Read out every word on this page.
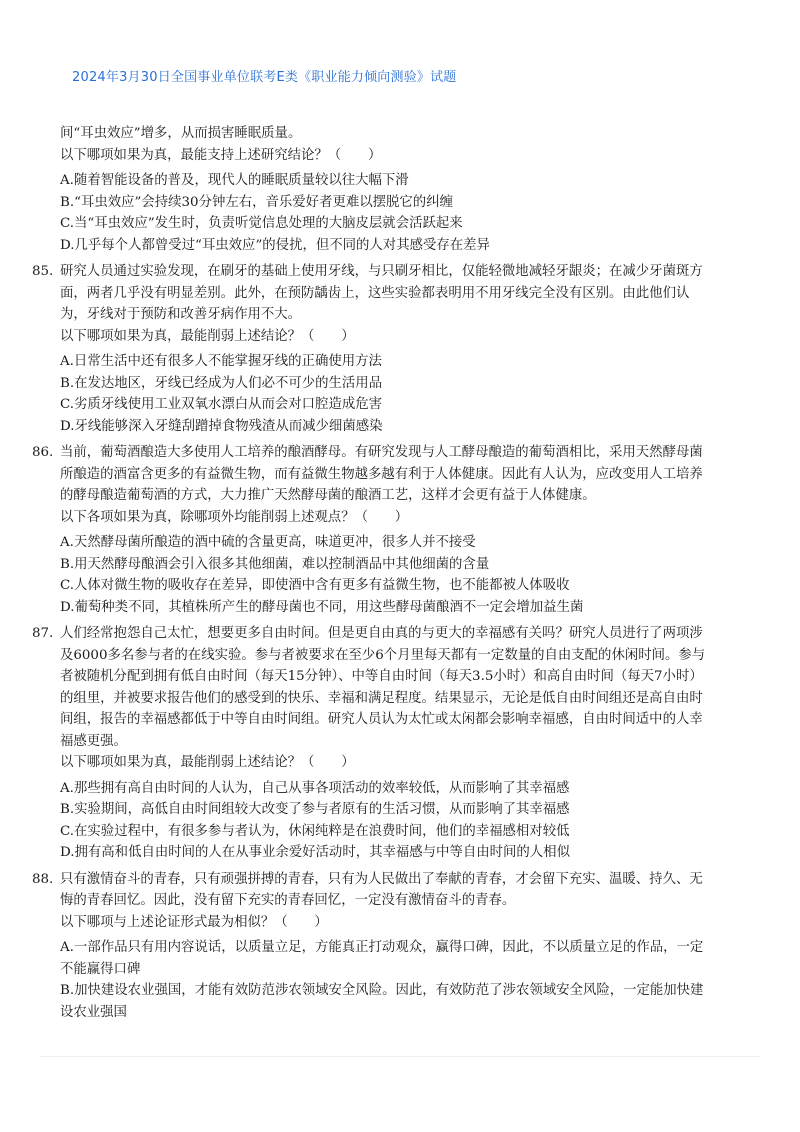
2024年3月30日全国事业单位联考E类《职业能力倾向测验》试题
间“耳虫效应”增多，从而损害睡眠质量。
以下哪项如果为真，最能支持上述研究结论？（　　）
A.随着智能设备的普及，现代人的睡眠质量较以往大幅下滑
B.“耳虫效应”会持续30分钟左右，音乐爱好者更难以摆脱它的纠缠
C.当“耳虫效应”发生时，负责听觉信息处理的大脑皮层就会活跃起来
D.几乎每个人都曾受过“耳虫效应”的侵扰，但不同的人对其感受存在差异
85. 研究人员通过实验发现，在刷牙的基础上使用牙线，与只刷牙相比，仅能轻微地减轻牙龈炎；在减少牙菌斑方
面，两者几乎没有明显差别。此外，在预防龋齿上，这些实验都表明用不用牙线完全没有区别。由此他们认
为，牙线对于预防和改善牙病作用不大。
以下哪项如果为真，最能削弱上述结论？（　　）
A.日常生活中还有很多人不能掌握牙线的正确使用方法
B.在发达地区，牙线已经成为人们必不可少的生活用品
C.劣质牙线使用工业双氧水漂白从而会对口腔造成危害
D.牙线能够深入牙缝刮蹭掉食物残渣从而减少细菌感染
86. 当前，葡萄酒酿造大多使用人工培养的酿酒酵母。有研究发现与人工酵母酿造的葡萄酒相比，采用天然酵母菌
所酿造的酒富含更多的有益微生物，而有益微生物越多越有利于人体健康。因此有人认为，应改变用人工培养
的酵母酿造葡萄酒的方式，大力推广天然酵母菌的酿酒工艺，这样才会更有益于人体健康。
以下各项如果为真，除哪项外均能削弱上述观点？（　　）
A.天然酵母菌所酿造的酒中硫的含量更高，味道更冲，很多人并不接受
B.用天然酵母酿酒会引入很多其他细菌，难以控制酒品中其他细菌的含量
C.人体对微生物的吸收存在差异，即使酒中含有更多有益微生物，也不能都被人体吸收
D.葡萄种类不同，其植株所产生的酵母菌也不同，用这些酵母菌酿酒不一定会增加益生菌
87. 人们经常抱怨自己太忙，想要更多自由时间。但是更自由真的与更大的幸福感有关吗？研究人员进行了两项涉
及6000多名参与者的在线实验。参与者被要求在至少6个月里每天都有一定数量的自由支配的休闲时间。参与
者被随机分配到拥有低自由时间（每天15分钟）、中等自由时间（每天3.5小时）和高自由时间（每天7小时）
的组里，并被要求报告他们的感受到的快乐、幸福和满足程度。结果显示，无论是低自由时间组还是高自由时
间组，报告的幸福感都低于中等自由时间组。研究人员认为太忙或太闲都会影响幸福感，自由时间适中的人幸
福感更强。
以下哪项如果为真，最能削弱上述结论？（　　）
A.那些拥有高自由时间的人认为，自己从事各项活动的效率较低，从而影响了其幸福感
B.实验期间，高低自由时间组较大改变了参与者原有的生活习惯，从而影响了其幸福感
C.在实验过程中，有很多参与者认为，休闲纯粹是在浪费时间，他们的幸福感相对较低
D.拥有高和低自由时间的人在从事业余爱好活动时，其幸福感与中等自由时间的人相似
88. 只有激情奋斗的青春，只有顽强拼搏的青春，只有为人民做出了奉献的青春，才会留下充实、温暖、持久、无
悔的青春回忆。因此，没有留下充实的青春回忆，一定没有激情奋斗的青春。
以下哪项与上述论证形式最为相似？（　　）
A.一部作品只有用内容说话，以质量立足，方能真正打动观众，赢得口碑，因此，不以质量立足的作品，一定
不能赢得口碑
B.加快建设农业强国，才能有效防范涉农领域安全风险。因此，有效防范了涉农领域安全风险，一定能加快建
设农业强国
